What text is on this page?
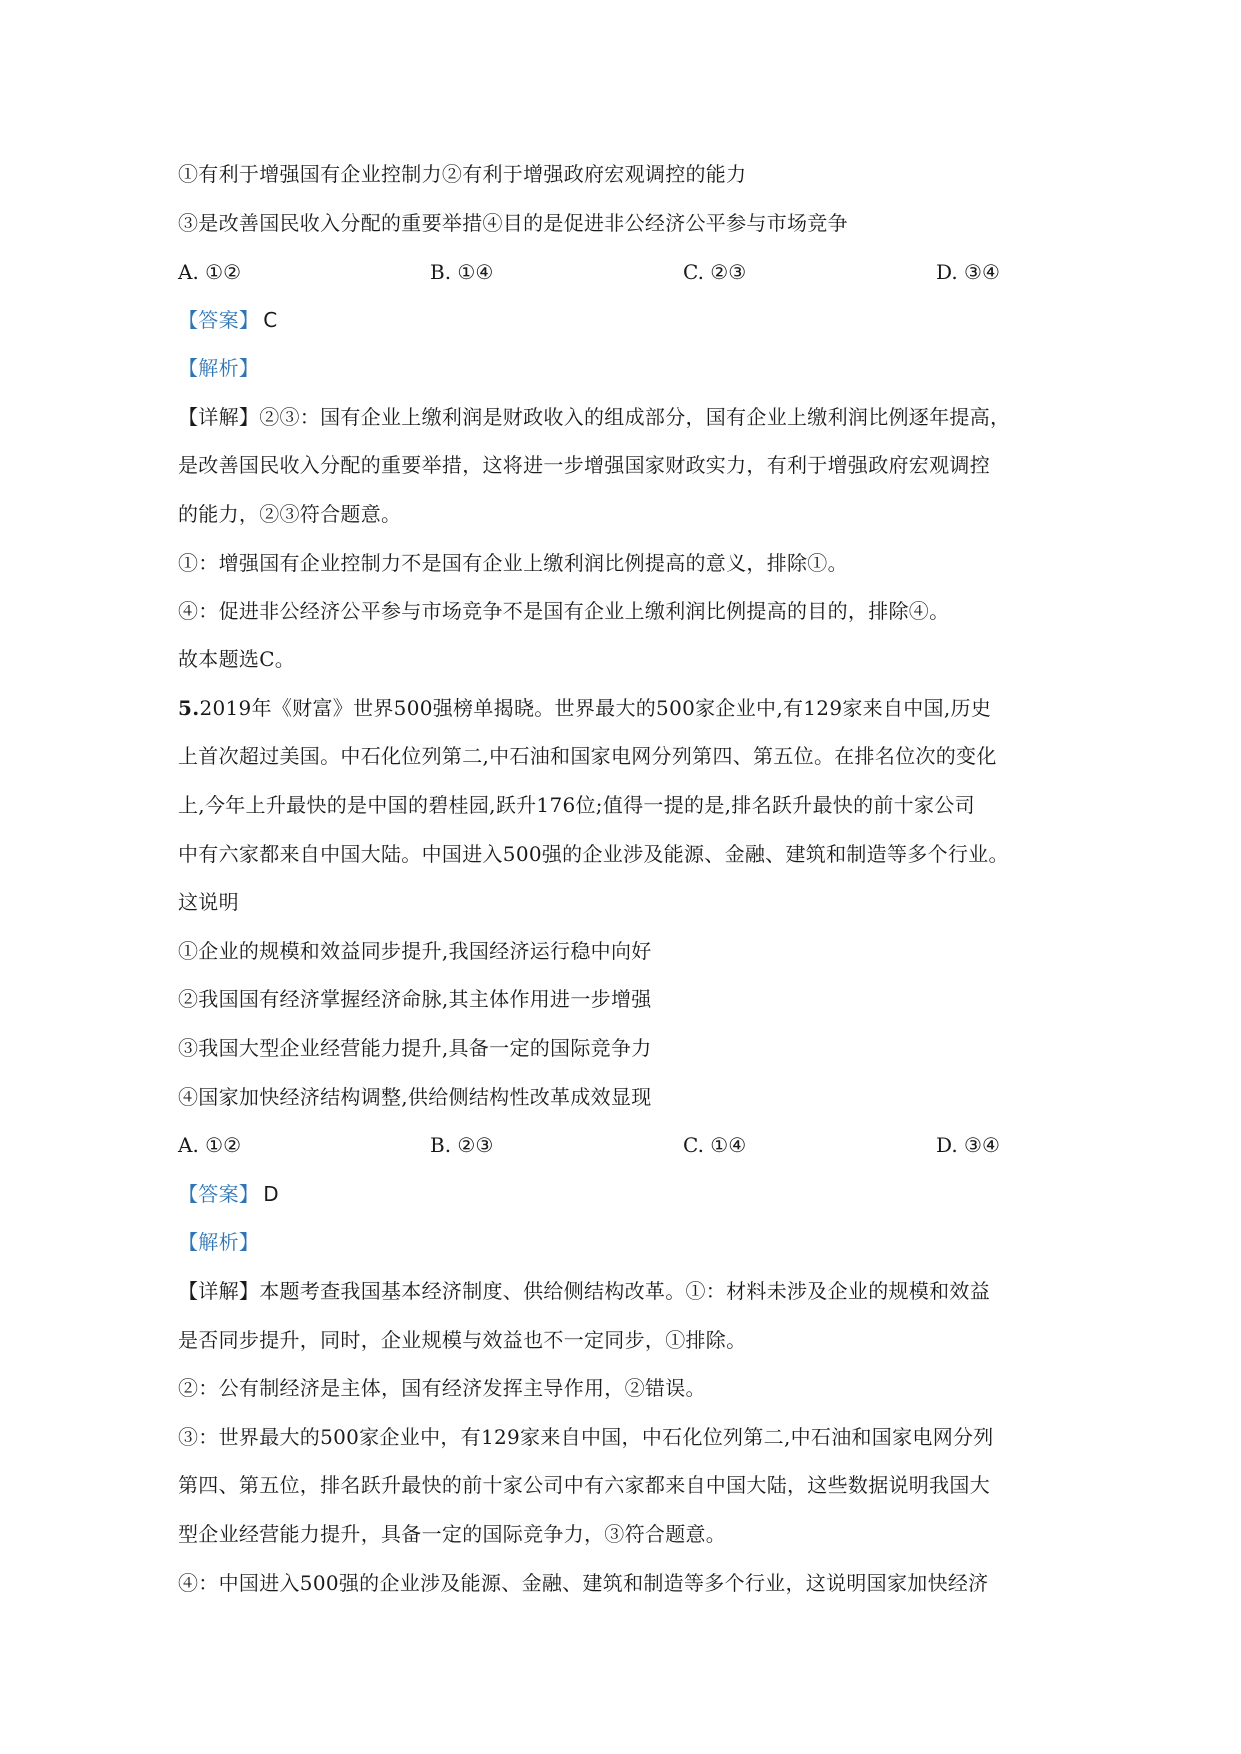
①有利于增强国有企业控制力②有利于增强政府宏观调控的能力
③是改善国民收入分配的重要举措④目的是促进非公经济公平参与市场竞争
A. ①②	B. ①④	C. ②③	D. ③④
【答案】 C
【解析】
【详解】②③：国有企业上缴利润是财政收入的组成部分，国有企业上缴利润比例逐年提高，
是改善国民收入分配的重要举措，这将进一步增强国家财政实力，有利于增强政府宏观调控
的能力，②③符合题意。
①：增强国有企业控制力不是国有企业上缴利润比例提高的意义，排除①。
④：促进非公经济公平参与市场竞争不是国有企业上缴利润比例提高的目的，排除④。
故本题选C。
5.2019年《财富》世界500强榜单揭晓。世界最大的500家企业中,有129家来自中国,历史
上首次超过美国。中石化位列第二,中石油和国家电网分列第四、第五位。在排名位次的变化
上,今年上升最快的是中国的碧桂园,跃升176位;值得一提的是,排名跃升最快的前十家公司
中有六家都来自中国大陆。中国进入500强的企业涉及能源、金融、建筑和制造等多个行业。
这说明
①企业的规模和效益同步提升,我国经济运行稳中向好
②我国国有经济掌握经济命脉,其主体作用进一步增强
③我国大型企业经营能力提升,具备一定的国际竞争力
④国家加快经济结构调整,供给侧结构性改革成效显现
A. ①②	B. ②③	C. ①④	D. ③④
【答案】 D
【解析】
【详解】本题考查我国基本经济制度、供给侧结构改革。①：材料未涉及企业的规模和效益
是否同步提升，同时，企业规模与效益也不一定同步，①排除。
②：公有制经济是主体，国有经济发挥主导作用，②错误。
③：世界最大的500家企业中，有129家来自中国，中石化位列第二,中石油和国家电网分列
第四、第五位，排名跃升最快的前十家公司中有六家都来自中国大陆，这些数据说明我国大
型企业经营能力提升，具备一定的国际竞争力，③符合题意。
④：中国进入500强的企业涉及能源、金融、建筑和制造等多个行业，这说明国家加快经济
